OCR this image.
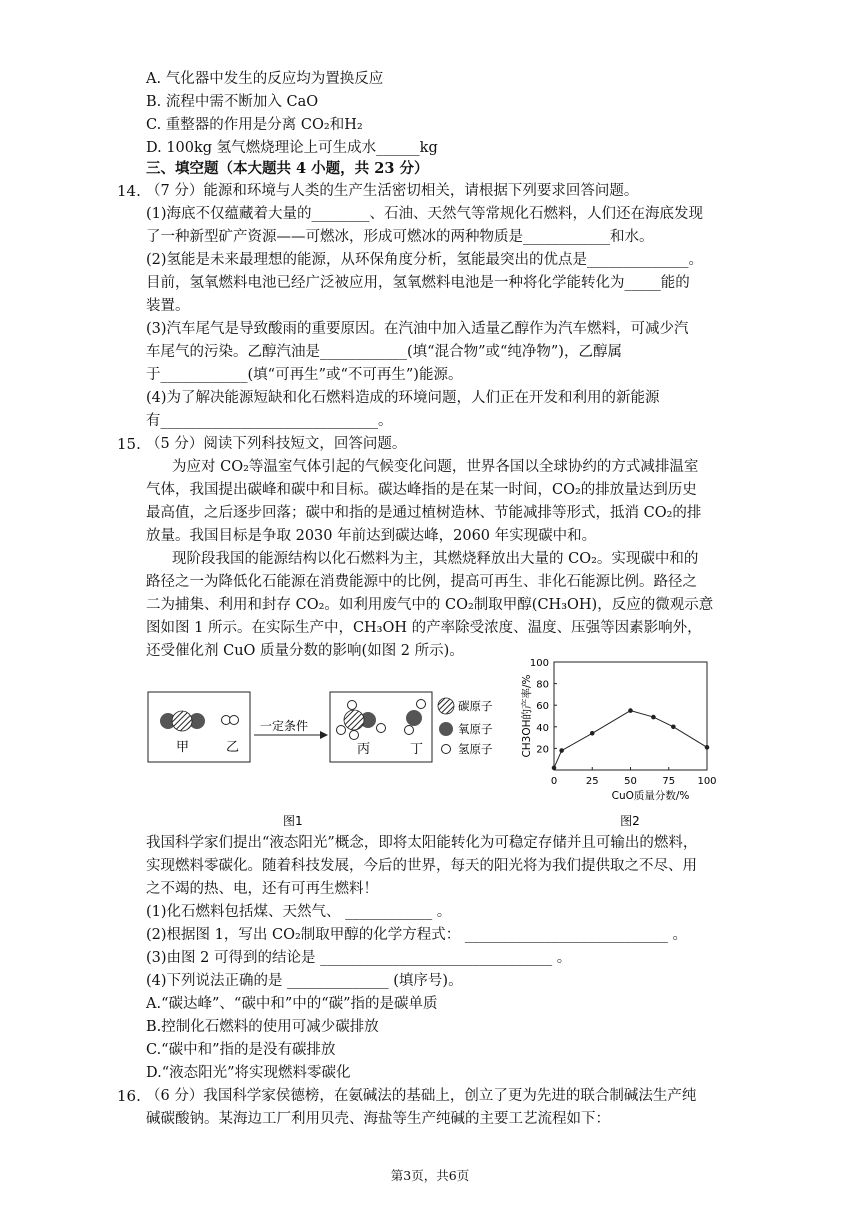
A. 气化器中发生的反应均为置换反应
B. 流程中需不断加入 CaO
C. 重整器的作用是分离 CO₂和H₂
D. 100kg 氢气燃烧理论上可生成水______kg
三、填空题（本大题共 4 小题，共 23 分）
（7 分）能源和环境与人类的生产生活密切相关，请根据下列要求回答问题。
(1)海底不仅蕴藏着大量的________、石油、天然气等常规化石燃料，人们还在海底发现
了一种新型矿产资源——可燃冰，形成可燃冰的两种物质是____________和水。
(2)氢能是未来最理想的能源，从环保角度分析，氢能最突出的优点是______________。
目前，氢氧燃料电池已经广泛被应用，氢氧燃料电池是一种将化学能转化为_____能的
装置。
(3)汽车尾气是导致酸雨的重要原因。在汽油中加入适量乙醇作为汽车燃料，可减少汽
车尾气的污染。乙醇汽油是____________(填“混合物”或“纯净物”)，乙醇属
于____________(填“可再生”或“不可再生”)能源。
(4)为了解决能源短缺和化石燃料造成的环境问题，人们正在开发和利用的新能源
有______________________________。
（5 分）阅读下列科技短文，回答问题。
为应对 CO₂等温室气体引起的气候变化问题，世界各国以全球协约的方式减排温室
气体，我国提出碳峰和碳中和目标。碳达峰指的是在某一时间，CO₂的排放量达到历史
最高值，之后逐步回落；碳中和指的是通过植树造林、节能减排等形式，抵消 CO₂的排
放量。我国目标是争取 2030 年前达到碳达峰，2060 年实现碳中和。
现阶段我国的能源结构以化石燃料为主，其燃烧释放出大量的 CO₂。实现碳中和的
路径之一为降低化石能源在消费能源中的比例，提高可再生、非化石能源比例。路径之
二为捕集、利用和封存 CO₂。如利用废气中的 CO₂制取甲醇(CH₃OH)，反应的微观示意
图如图 1 所示。在实际生产中，CH₃OH 的产率除受浓度、温度、压强等因素影响外，
还受催化剂 CuO 质量分数的影响(如图 2 所示)。
我国科学家们提出“液态阳光”概念，即将太阳能转化为可稳定存储并且可输出的燃料，
实现燃料零碳化。随着科技发展，今后的世界，每天的阳光将为我们提供取之不尽、用
之不竭的热、电，还有可再生燃料！
(1)化石燃料包括煤、天然气、 ____________ 。
(2)根据图 1，写出 CO₂制取甲醇的化学方程式： ____________________________ 。
(3)由图 2 可得到的结论是 ________________________________ 。
(4)下列说法正确的是 ______________ (填序号)。
A.“碳达峰”、“碳中和”中的“碳”指的是碳单质
B.控制化石燃料的使用可减少碳排放
C.“碳中和”指的是没有碳排放
D.“液态阳光”将实现燃料零碳化
（6 分）我国科学家侯德榜，在氨碱法的基础上，创立了更为先进的联合制碱法生产纯
碱碳酸钠。某海边工厂利用贝壳、海盐等生产纯碱的主要工艺流程如下：
14.
15.
16.
甲	乙
一定条件
丙	丁
碳原子
氧原子
氢原子
图1
20
40
60
80
100
0	25	50	75 100
CuO质量分数/%
CH3OH的产率/%
图2
第3页，共6页
